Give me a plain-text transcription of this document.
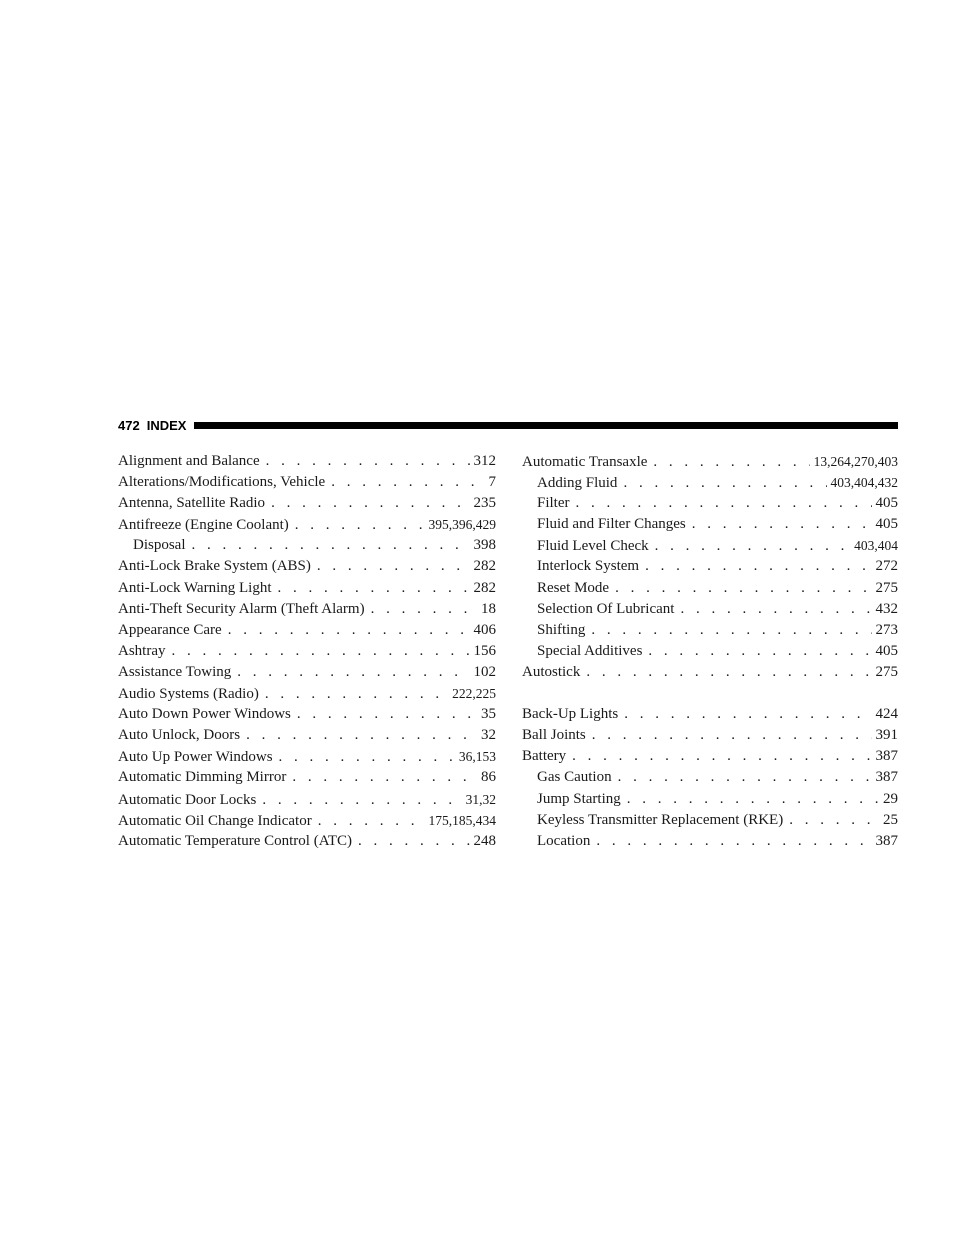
472 INDEX
Alignment and Balance . . .	312
Alterations/Modifications, Vehicle . . .	7
Antenna, Satellite Radio . . .	235
Antifreeze (Engine Coolant) . . .	395,396,429
Disposal . . .	398
Anti-Lock Brake System (ABS) . . .	282
Anti-Lock Warning Light . . .	282
Anti-Theft Security Alarm (Theft Alarm) . . .	18
Appearance Care . . .	406
Ashtray . . .	156
Assistance Towing . . .	102
Audio Systems (Radio) . . .	222,225
Auto Down Power Windows . . .	35
Auto Unlock, Doors . . .	32
Auto Up Power Windows . . .	36,153
Automatic Dimming Mirror . . .	86
Automatic Door Locks . . .	31,32
Automatic Oil Change Indicator . . .	175,185,434
Automatic Temperature Control (ATC) . . .	248
Automatic Transaxle . . .	13,264,270,403
Adding Fluid . . .	403,404,432
Filter . . .	405
Fluid and Filter Changes . . .	405
Fluid Level Check . . .	403,404
Interlock System . . .	272
Reset Mode . . .	275
Selection Of Lubricant . . .	432
Shifting . . .	273
Special Additives . . .	405
Autostick . . .	275
Back-Up Lights . . .	424
Ball Joints . . .	391
Battery . . .	387
Gas Caution . . .	387
Jump Starting . . .	29
Keyless Transmitter Replacement (RKE) . . .	25
Location . . .	387
